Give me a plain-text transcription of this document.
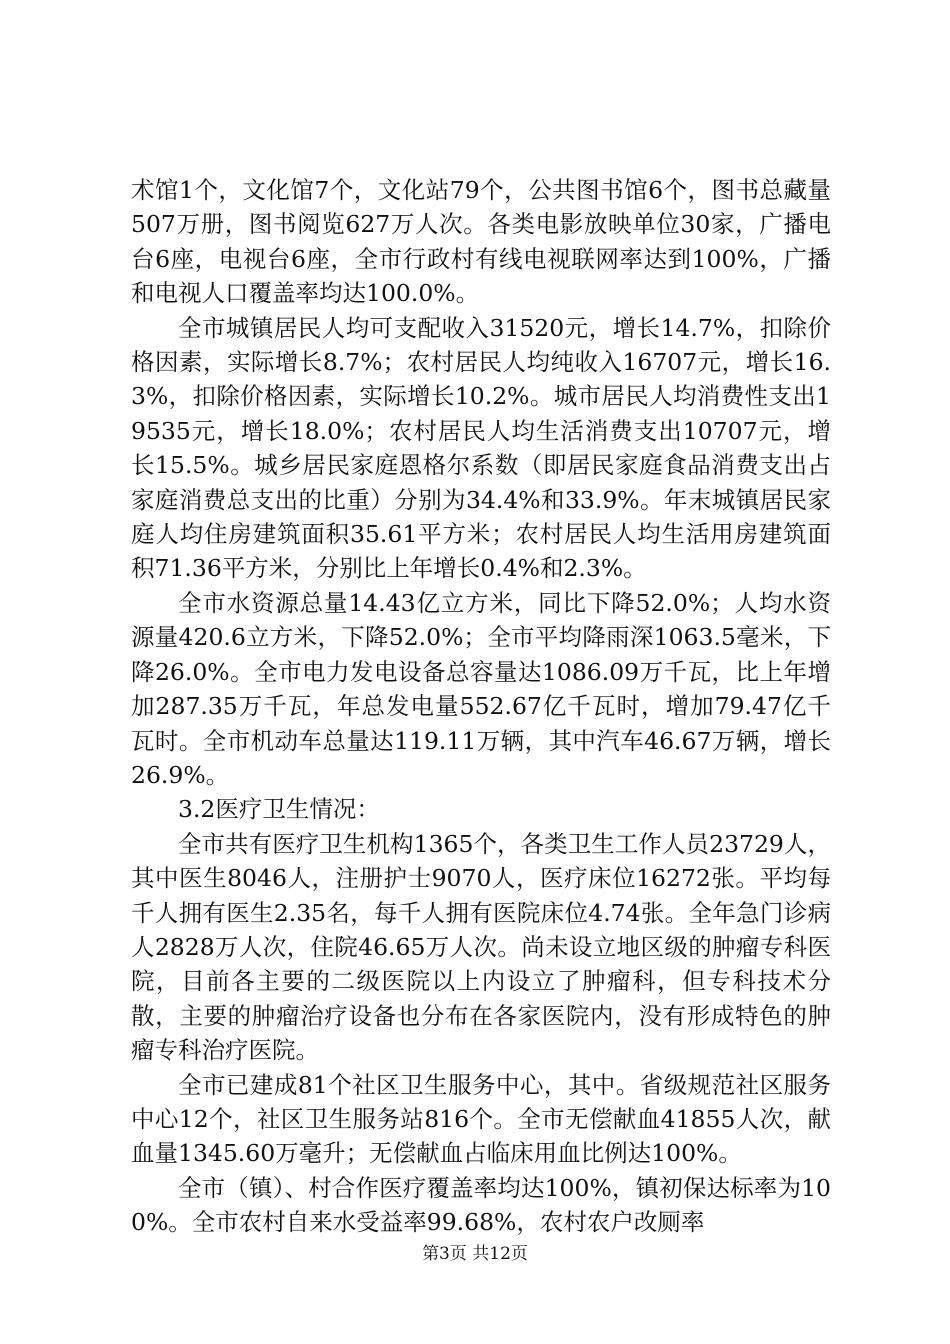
术馆1个，文化馆7个，文化站79个，公共图书馆6个，图书总藏量507万册，图书阅览627万人次。各类电影放映单位30家，广播电台6座，电视台6座，全市行政村有线电视联网率达到100%，广播和电视人口覆盖率均达100.0%。

全市城镇居民人均可支配收入31520元，增长14.7%，扣除价格因素，实际增长8.7%；农村居民人均纯收入16707元，增长16.3%，扣除价格因素，实际增长10.2%。城市居民人均消费性支出19535元，增长18.0%；农村居民人均生活消费支出10707元，增长15.5%。城乡居民家庭恩格尔系数（即居民家庭食品消费支出占家庭消费总支出的比重）分别为34.4%和33.9%。年末城镇居民家庭人均住房建筑面积35.61平方米；农村居民人均生活用房建筑面积71.36平方米，分别比上年增长0.4%和2.3%。

全市水资源总量14.43亿立方米，同比下降52.0%；人均水资源量420.6立方米，下降52.0%；全市平均降雨深1063.5毫米，下降26.0%。全市电力发电设备总容量达1086.09万千瓦，比上年增加287.35万千瓦，年总发电量552.67亿千瓦时，增加79.47亿千瓦时。全市机动车总量达119.11万辆，其中汽车46.67万辆，增长26.9%。

3.2医疗卫生情况：

全市共有医疗卫生机构1365个，各类卫生工作人员23729人，其中医生8046人，注册护士9070人，医疗床位16272张。平均每千人拥有医生2.35名，每千人拥有医院床位4.74张。全年急门诊病人2828万人次，住院46.65万人次。尚未设立地区级的肿瘤专科医院，目前各主要的二级医院以上内设立了肿瘤科，但专科技术分散，主要的肿瘤治疗设备也分布在各家医院内，没有形成特色的肿瘤专科治疗医院。

全市已建成81个社区卫生服务中心，其中。省级规范社区服务中心12个，社区卫生服务站816个。全市无偿献血41855人次，献血量1345.60万毫升；无偿献血占临床用血比例达100%。

全市（镇）、村合作医疗覆盖率均达100%，镇初保达标率为100%。全市农村自来水受益率99.68%，农村农户改厕率

第3页 共12页
